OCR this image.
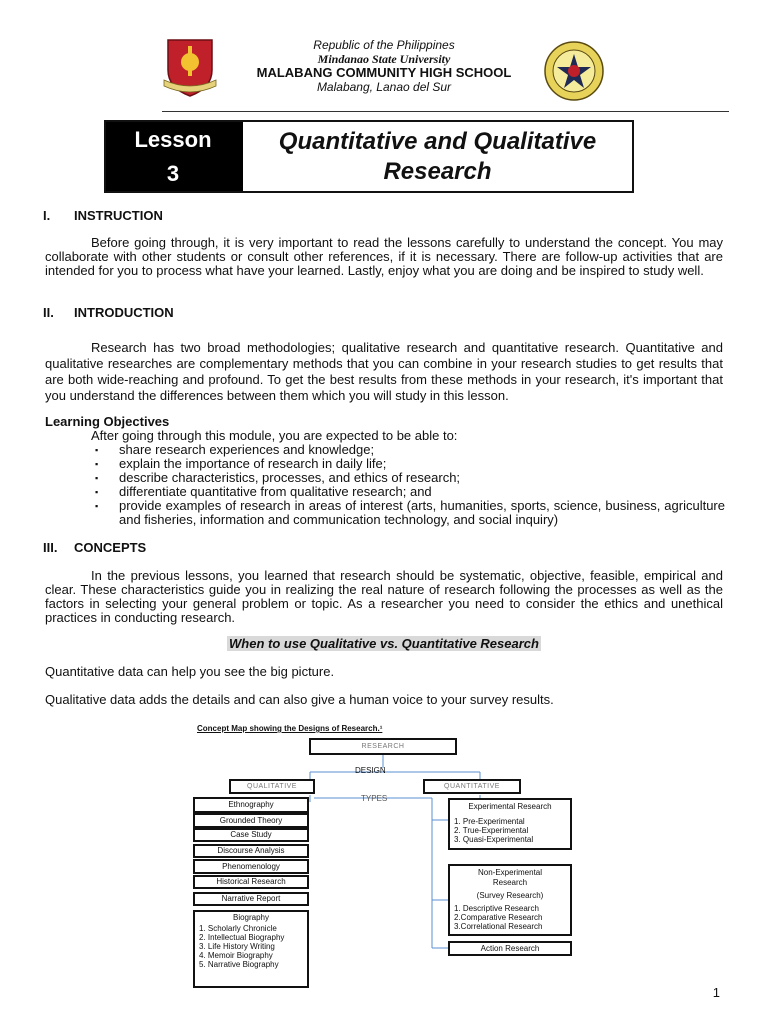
Republic of the Philippines
Mindanao State University
MALABANG COMMUNITY HIGH SCHOOL
Malabang, Lanao del Sur
Lesson
3
Quantitative and Qualitative
Research
I. INSTRUCTION
Before going through, it is very important to read the lessons carefully to understand the concept. You may collaborate with other students or consult other references, if it is necessary. There are follow-up activities that are intended for you to process what have your learned. Lastly, enjoy what you are doing and be inspired to study well.
II. INTRODUCTION
Research has two broad methodologies; qualitative research and quantitative research. Quantitative and qualitative researches are complementary methods that you can combine in your research studies to get results that are both wide-reaching and profound. To get the best results from these methods in your research, it's important that you understand the differences between them which you will study in this lesson.
Learning Objectives
After going through this module, you are expected to be able to:
▪ share research experiences and knowledge;
▪ explain the importance of research in daily life;
▪ describe characteristics, processes, and ethics of research;
▪ differentiate quantitative from qualitative research; and
▪ provide examples of research in areas of interest (arts, humanities, sports, science, business, agriculture and fisheries, information and communication technology, and social inquiry)
III. CONCEPTS
In the previous lessons, you learned that research should be systematic, objective, feasible, empirical and clear. These characteristics guide you in realizing the real nature of research following the processes as well as the factors in selecting your general problem or topic. As a researcher you need to consider the ethics and unethical practices in conducting research.
When to use Qualitative vs. Quantitative Research
Quantitative data can help you see the big picture.
Qualitative data adds the details and can also give a human voice to your survey results.
Concept Map showing the Designs of Research.¹
RESEARCH
DESIGN
QUALITATIVE	QUANTITATIVE
TYPES
Ethnography
Grounded Theory
Case Study
Discourse Analysis
Phenomenology
Historical Research
Narrative Report
Biography
1. Scholarly Chronicle
2. Intellectual Biography
3. Life History Writing
4. Memoir Biography
5. Narrative Biography
Experimental Research
1. Pre-Experimental
2. True-Experimental
3. Quasi-Experimental
Non-Experimental Research
(Survey Research)
1. Descriptive Research
2.Comparative Research
3.Correlational Research
Action Research
1
